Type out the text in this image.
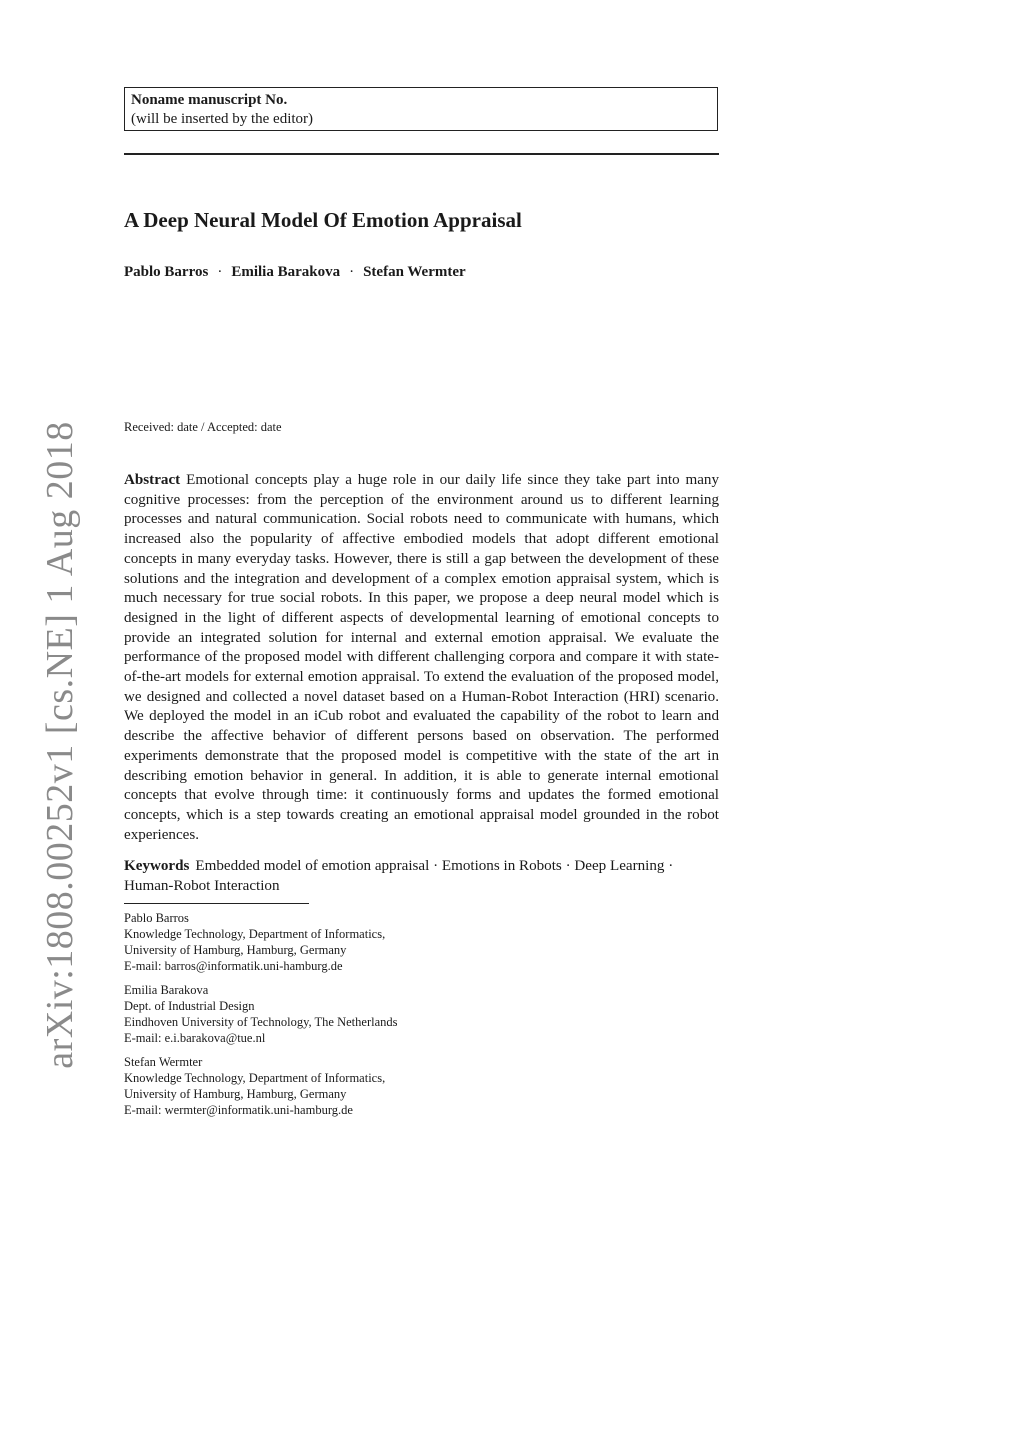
arXiv:1808.00252v1 [cs.NE] 1 Aug 2018
Noname manuscript No.
(will be inserted by the editor)
A Deep Neural Model Of Emotion Appraisal
Pablo Barros · Emilia Barakova · Stefan Wermter
Received: date / Accepted: date
Abstract Emotional concepts play a huge role in our daily life since they take part into many cognitive processes: from the perception of the environment around us to different learning processes and natural communication. Social robots need to communicate with humans, which increased also the popularity of affective embodied models that adopt different emotional concepts in many everyday tasks. However, there is still a gap between the development of these solutions and the integration and development of a complex emotion appraisal system, which is much necessary for true social robots. In this paper, we propose a deep neural model which is designed in the light of different aspects of developmental learning of emotional concepts to provide an integrated solution for internal and external emotion appraisal. We evaluate the performance of the proposed model with different challenging corpora and compare it with state-of-the-art models for external emotion appraisal. To extend the evaluation of the proposed model, we designed and collected a novel dataset based on a Human-Robot Interaction (HRI) scenario. We deployed the model in an iCub robot and evaluated the capability of the robot to learn and describe the affective behavior of different persons based on observation. The performed experiments demonstrate that the proposed model is competitive with the state of the art in describing emotion behavior in general. In addition, it is able to generate internal emotional concepts that evolve through time: it continuously forms and updates the formed emotional concepts, which is a step towards creating an emotional appraisal model grounded in the robot experiences.
Keywords Embedded model of emotion appraisal · Emotions in Robots · Deep Learning · Human-Robot Interaction
Pablo Barros
Knowledge Technology, Department of Informatics,
University of Hamburg, Hamburg, Germany
E-mail: barros@informatik.uni-hamburg.de
Emilia Barakova
Dept. of Industrial Design
Eindhoven University of Technology, The Netherlands
E-mail: e.i.barakova@tue.nl
Stefan Wermter
Knowledge Technology, Department of Informatics,
University of Hamburg, Hamburg, Germany
E-mail: wermter@informatik.uni-hamburg.de
